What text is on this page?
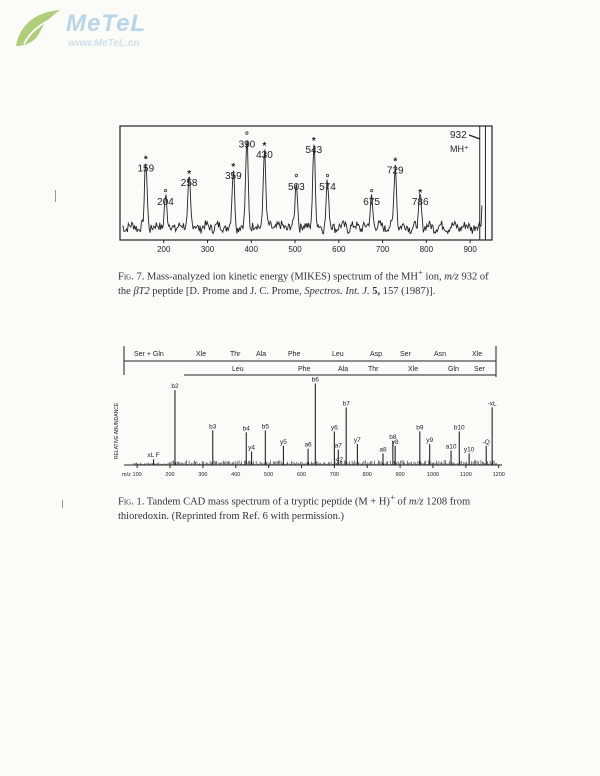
MeTeL
www.MeTeL.cn
159
*
204
°
258
*	359
*
390
°
430
*
503
°
543
*
574
°
675
°
729
*
786
*
932
MH⁺
200	300	400	500	600	700	800	900
Fig. 7. Mass-analyzed ion kinetic energy (MIKES) spectrum of the MH+ ion, m/z 932 of
the βT2 peptide [D. Prome and J. C. Prome, Spectros. Int. J. 5, 157 (1987)].
Ser + Gln	Xle	Thr Ala	Phe	Leu	Asp	Ser	Asn	Xle
Leu	Phe	Ala	Thr	Xle	Gln Ser
RELATIVE ABUNDANCE	xL F
b2
b3	b4
y4
b5
y5	a6
b6
y6
a7
b7
y7
a8
b8
y8
b9
y9
a10
b10
y10
-Q
-xL
-42
100	200	300	400	500	600	700	800	900	1000	1100	1200
m/z
Fig. 1. Tandem CAD mass spectrum of a tryptic peptide (M + H)+ of m/z 1208 from
thioredoxin. (Reprinted from Ref. 6 with permission.)
